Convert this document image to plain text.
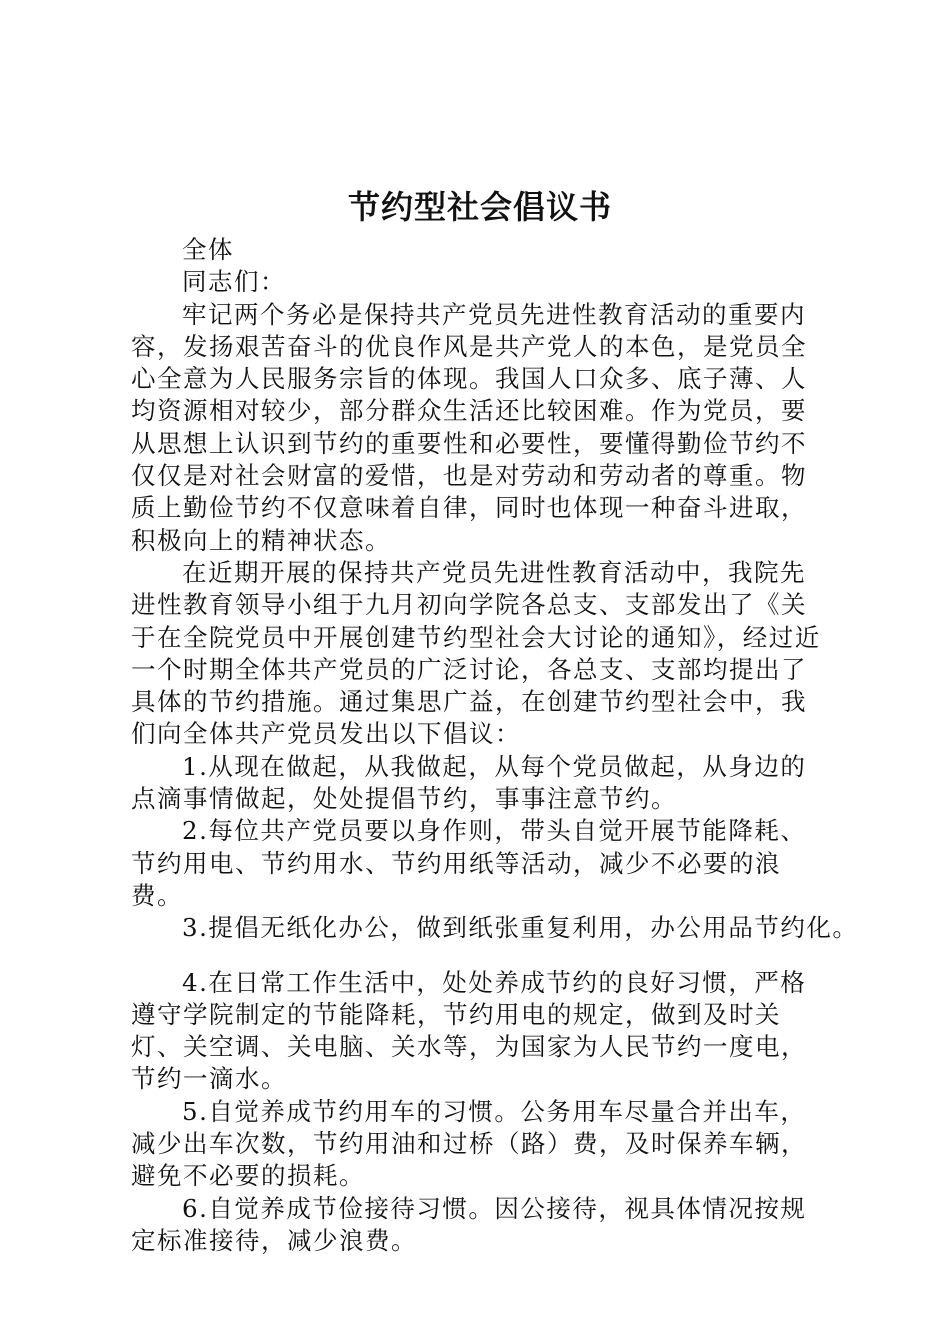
节约型社会倡议书

全体

同志们：

牢记两个务必是保持共产党员先进性教育活动的重要内容，发扬艰苦奋斗的优良作风是共产党人的本色，是党员全心全意为人民服务宗旨的体现。我国人口众多、底子薄、人均资源相对较少，部分群众生活还比较困难。作为党员，要从思想上认识到节约的重要性和必要性，要懂得勤俭节约不仅仅是对社会财富的爱惜，也是对劳动和劳动者的尊重。物质上勤俭节约不仅意味着自律，同时也体现一种奋斗进取，积极向上的精神状态。

在近期开展的保持共产党员先进性教育活动中，我院先进性教育领导小组于九月初向学院各总支、支部发出了《关于在全院党员中开展创建节约型社会大讨论的通知》，经过近一个时期全体共产党员的广泛讨论，各总支、支部均提出了具体的节约措施。通过集思广益，在创建节约型社会中，我们向全体共产党员发出以下倡议：

1.从现在做起，从我做起，从每个党员做起，从身边的点滴事情做起，处处提倡节约，事事注意节约。

2.每位共产党员要以身作则，带头自觉开展节能降耗、节约用电、节约用水、节约用纸等活动，减少不必要的浪费。

3.提倡无纸化办公，做到纸张重复利用，办公用品节约化。

4.在日常工作生活中，处处养成节约的良好习惯，严格遵守学院制定的节能降耗，节约用电的规定，做到及时关灯、关空调、关电脑、关水等，为国家为人民节约一度电，节约一滴水。

5.自觉养成节约用车的习惯。公务用车尽量合并出车，减少出车次数，节约用油和过桥（路）费，及时保养车辆，避免不必要的损耗。

6.自觉养成节俭接待习惯。因公接待，视具体情况按规定标准接待，减少浪费。
